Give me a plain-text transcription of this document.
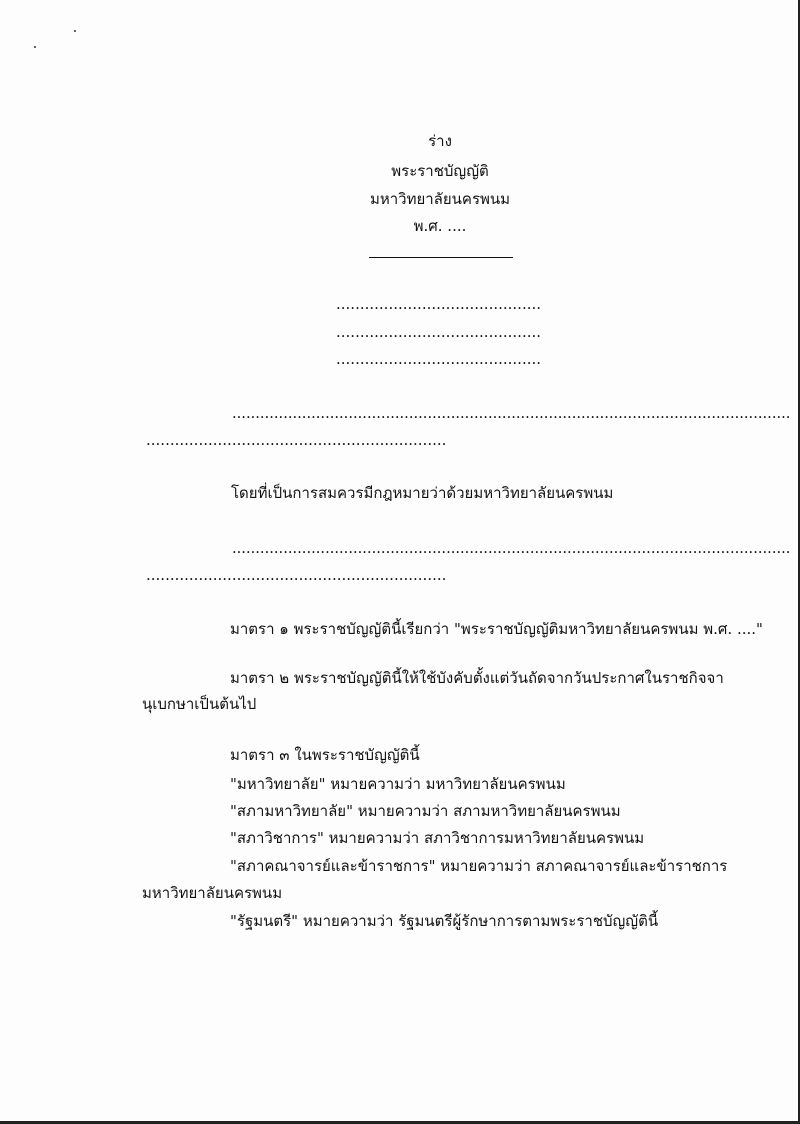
ร่าง
พระราชบัญญัติ
มหาวิทยาลัยนครพนม
พ.ศ. ....
...........................................
...........................................
...........................................
........................................................................................................................
...............................................................
โดยที่เป็นการสมควรมีกฎหมายว่าด้วยมหาวิทยาลัยนครพนม
........................................................................................................................
...............................................................
มาตรา ๑ พระราชบัญญัตินี้เรียกว่า "พระราชบัญญัติมหาวิทยาลัยนครพนม พ.ศ. ...."
มาตรา ๒ พระราชบัญญัตินี้ให้ใช้บังคับตั้งแต่วันถัดจากวันประกาศในราชกิจจา
นุเบกษาเป็นต้นไป
มาตรา ๓ ในพระราชบัญญัตินี้
"มหาวิทยาลัย" หมายความว่า มหาวิทยาลัยนครพนม
"สภามหาวิทยาลัย" หมายความว่า สภามหาวิทยาลัยนครพนม
"สภาวิชาการ" หมายความว่า สภาวิชาการมหาวิทยาลัยนครพนม
"สภาคณาจารย์และข้าราชการ" หมายความว่า สภาคณาจารย์และข้าราชการ
มหาวิทยาลัยนครพนม
"รัฐมนตรี" หมายความว่า รัฐมนตรีผู้รักษาการตามพระราชบัญญัตินี้
